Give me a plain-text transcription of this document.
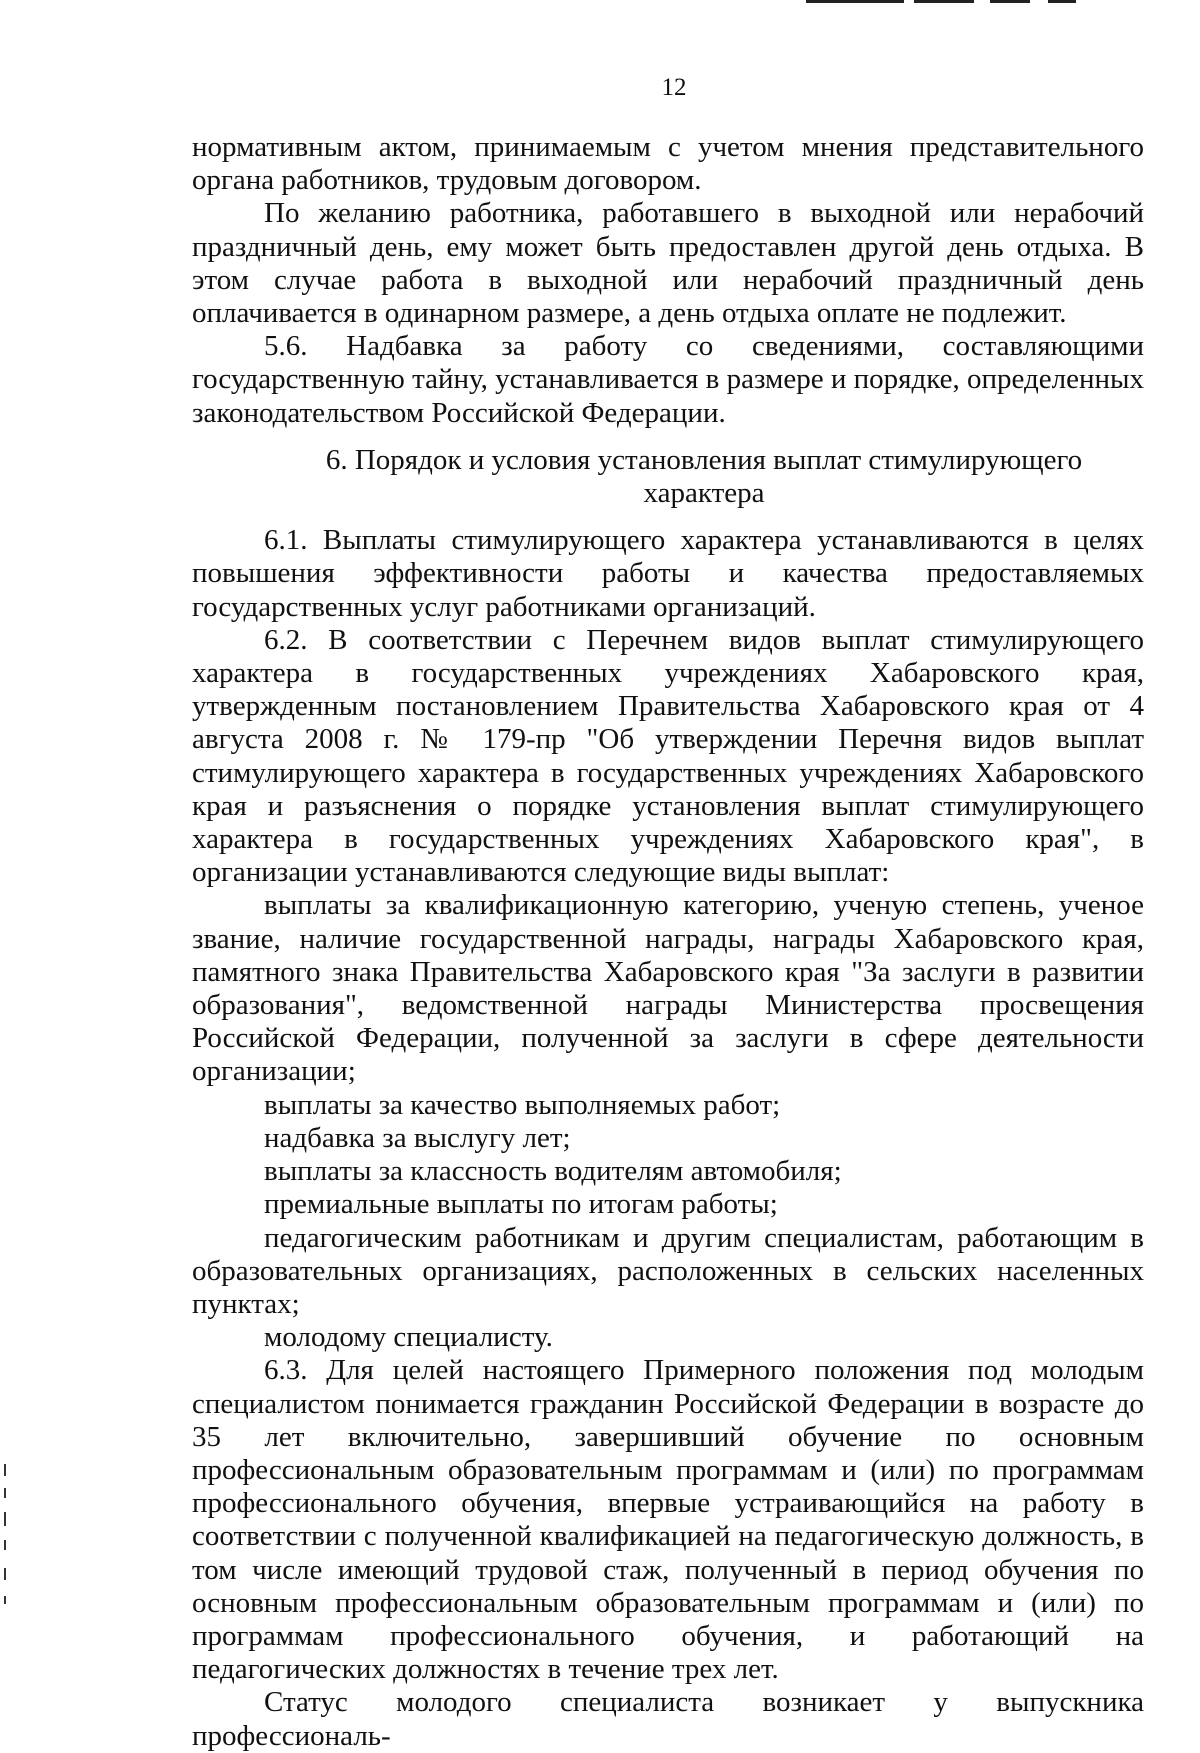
12

нормативным актом, принимаемым с учетом мнения представительного органа работников, трудовым договором.

По желанию работника, работавшего в выходной или нерабочий праздничный день, ему может быть предоставлен другой день отдыха. В этом случае работа в выходной или нерабочий праздничный день оплачивается в одинарном размере, а день отдыха оплате не подлежит.

5.6. Надбавка за работу со сведениями, составляющими государственную тайну, устанавливается в размере и порядке, определенных законодательством Российской Федерации.

6. Порядок и условия установления выплат стимулирующего характера

6.1. Выплаты стимулирующего характера устанавливаются в целях повышения эффективности работы и качества предоставляемых государственных услуг работниками организаций.

6.2. В соответствии с Перечнем видов выплат стимулирующего характера в государственных учреждениях Хабаровского края, утвержденным постановлением Правительства Хабаровского края от 4 августа 2008 г. № 179-пр "Об утверждении Перечня видов выплат стимулирующего характера в государственных учреждениях Хабаровского края и разъяснения о порядке установления выплат стимулирующего характера в государственных учреждениях Хабаровского края", в организации устанавливаются следующие виды выплат:

выплаты за квалификационную категорию, ученую степень, ученое звание, наличие государственной награды, награды Хабаровского края, памятного знака Правительства Хабаровского края "За заслуги в развитии образования", ведомственной награды Министерства просвещения Российской Федерации, полученной за заслуги в сфере деятельности организации;

выплаты за качество выполняемых работ;

надбавка за выслугу лет;

выплаты за классность водителям автомобиля;

премиальные выплаты по итогам работы;

педагогическим работникам и другим специалистам, работающим в образовательных организациях, расположенных в сельских населенных пунктах;

молодому специалисту.

6.3. Для целей настоящего Примерного положения под молодым специалистом понимается гражданин Российской Федерации в возрасте до 35 лет включительно, завершивший обучение по основным профессиональным образовательным программам и (или) по программам профессионального обучения, впервые устраивающийся на работу в соответствии с полученной квалификацией на педагогическую должность, в том числе имеющий трудовой стаж, полученный в период обучения по основным профессиональным образовательным программам и (или) по программам профессионального обучения, и работающий на педагогических должностях в течение трех лет.

Статус молодого специалиста возникает у выпускника профессиональ-
